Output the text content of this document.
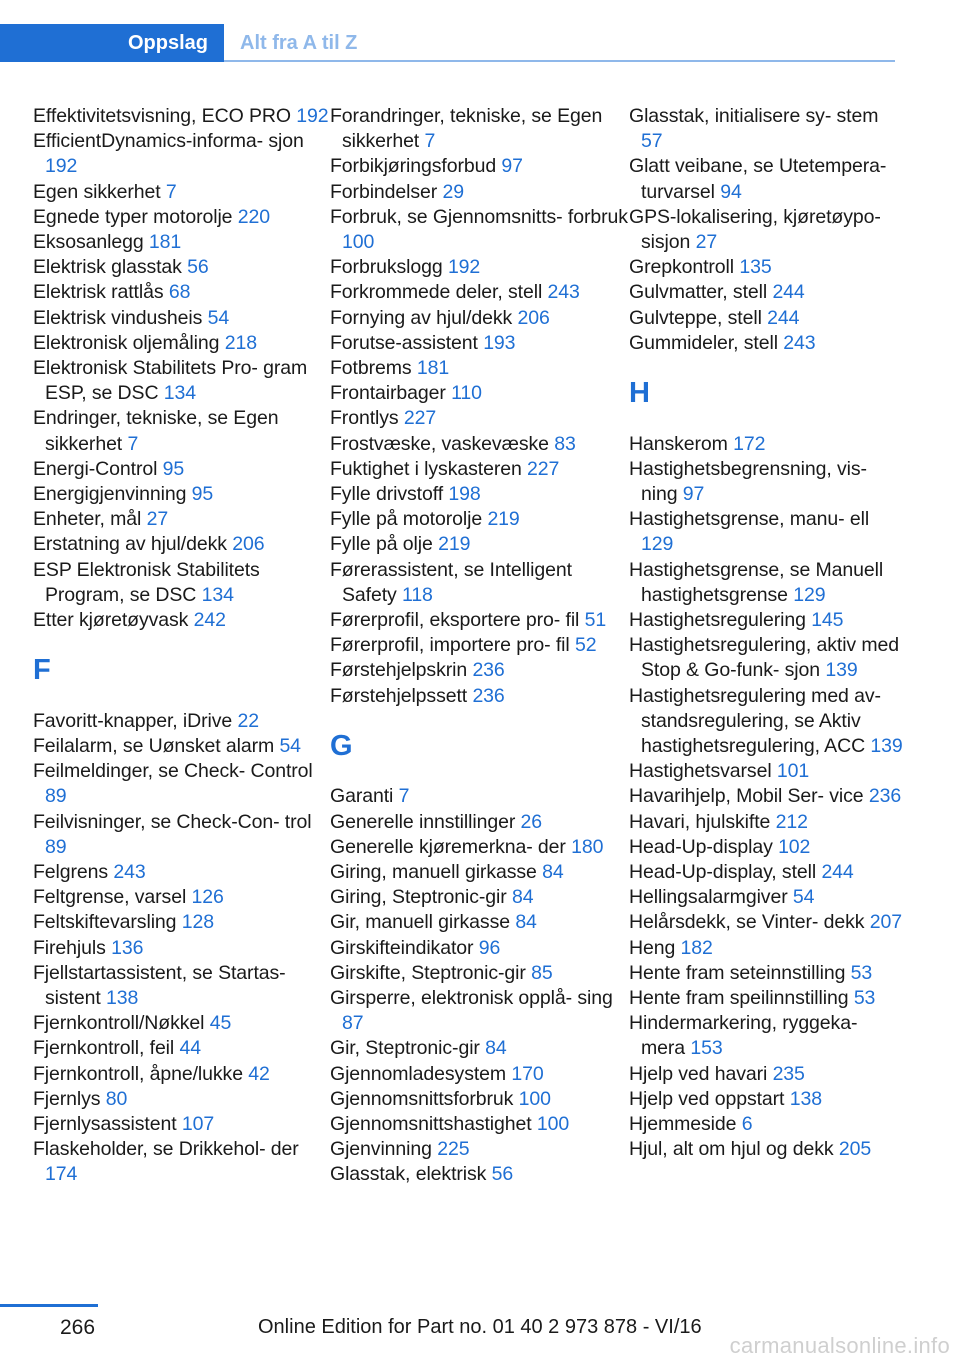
Oppslag	Alt fra A til Z
Effektivitetsvisning, ECO PRO 192
EfficientDynamics-informa‐ sjon 192
Egen sikkerhet 7
Egnede typer motorolje 220
Eksosanlegg 181
Elektrisk glasstak 56
Elektrisk rattlås 68
Elektrisk vindusheis 54
Elektronisk oljemåling 218
Elektronisk Stabilitets Pro‐ gram ESP, se DSC 134
Endringer, tekniske, se Egen sikkerhet 7
Energi-Control 95
Energigjenvinning 95
Enheter, mål 27
Erstatning av hjul/dekk 206
ESP Elektronisk Stabilitets Program, se DSC 134
Etter kjøretøyvask 242
F
Favoritt-knapper, iDrive 22
Feilalarm, se Uønsket alarm 54
Feilmeldinger, se Check- Control 89
Feilvisninger, se Check-Con‐ trol 89
Felgrens 243
Feltgrense, varsel 126
Feltskiftevarsling 128
Firehjuls 136
Fjellstartassistent, se Startas‐ sistent 138
Fjernkontroll/Nøkkel 45
Fjernkontroll, feil 44
Fjernkontroll, åpne/lukke 42
Fjernlys 80
Fjernlysassistent 107
Flaskeholder, se Drikkehol‐ der 174
Forandringer, tekniske, se Egen sikkerhet 7
Forbikjøringsforbud 97
Forbindelser 29
Forbruk, se Gjennomsnitts‐ forbruk 100
Forbrukslogg 192
Forkrommede deler, stell 243
Fornying av hjul/dekk 206
Forutse-assistent 193
Fotbrems 181
Frontairbager 110
Frontlys 227
Frostvæske, vaskevæske 83
Fuktighet i lyskasteren 227
Fylle drivstoff 198
Fylle på motorolje 219
Fylle på olje 219
Førerassistent, se Intelligent Safety 118
Førerprofil, eksportere pro‐ fil 51
Førerprofil, importere pro‐ fil 52
Førstehjelpskrin 236
Førstehjelpssett 236
G
Garanti 7
Generelle innstillinger 26
Generelle kjøremerkna‐ der 180
Giring, manuell girkasse 84
Giring, Steptronic-gir 84
Gir, manuell girkasse 84
Girskifteindikator 96
Girskifte, Steptronic-gir 85
Girsperre, elektronisk opplå‐ sing 87
Gir, Steptronic-gir 84
Gjennomladesystem 170
Gjennomsnittsforbruk 100
Gjennomsnittshastighet 100
Gjenvinning 225
Glasstak, elektrisk 56
Glasstak, initialisere sy‐ stem 57
Glatt veibane, se Utetempera‐ turvarsel 94
GPS-lokalisering, kjøretøypo‐ sisjon 27
Grepkontroll 135
Gulvmatter, stell 244
Gulvteppe, stell 244
Gummideler, stell 243
H
Hanskerom 172
Hastighetsbegrensning, vis‐ ning 97
Hastighetsgrense, manu‐ ell 129
Hastighetsgrense, se Manuell hastighetsgrense 129
Hastighetsregulering 145
Hastighetsregulering, aktiv med Stop & Go-funk‐ sjon 139
Hastighetsregulering med av‐ standsregulering, se Aktiv hastighetsregulering, ACC 139
Hastighetsvarsel 101
Havarihjelp, Mobil Ser‐ vice 236
Havari, hjulskifte 212
Head-Up-display 102
Head-Up-display, stell 244
Hellingsalarmgiver 54
Helårsdekk, se Vinter‐ dekk 207
Heng 182
Hente fram seteinnstilling 53
Hente fram speilinnstilling 53
Hindermarkering, ryggeka‐ mera 153
Hjelp ved havari 235
Hjelp ved oppstart 138
Hjemmeside 6
Hjul, alt om hjul og dekk 205
266	Online Edition for Part no. 01 40 2 973 878 - VI/16
carmanualsonline.info
